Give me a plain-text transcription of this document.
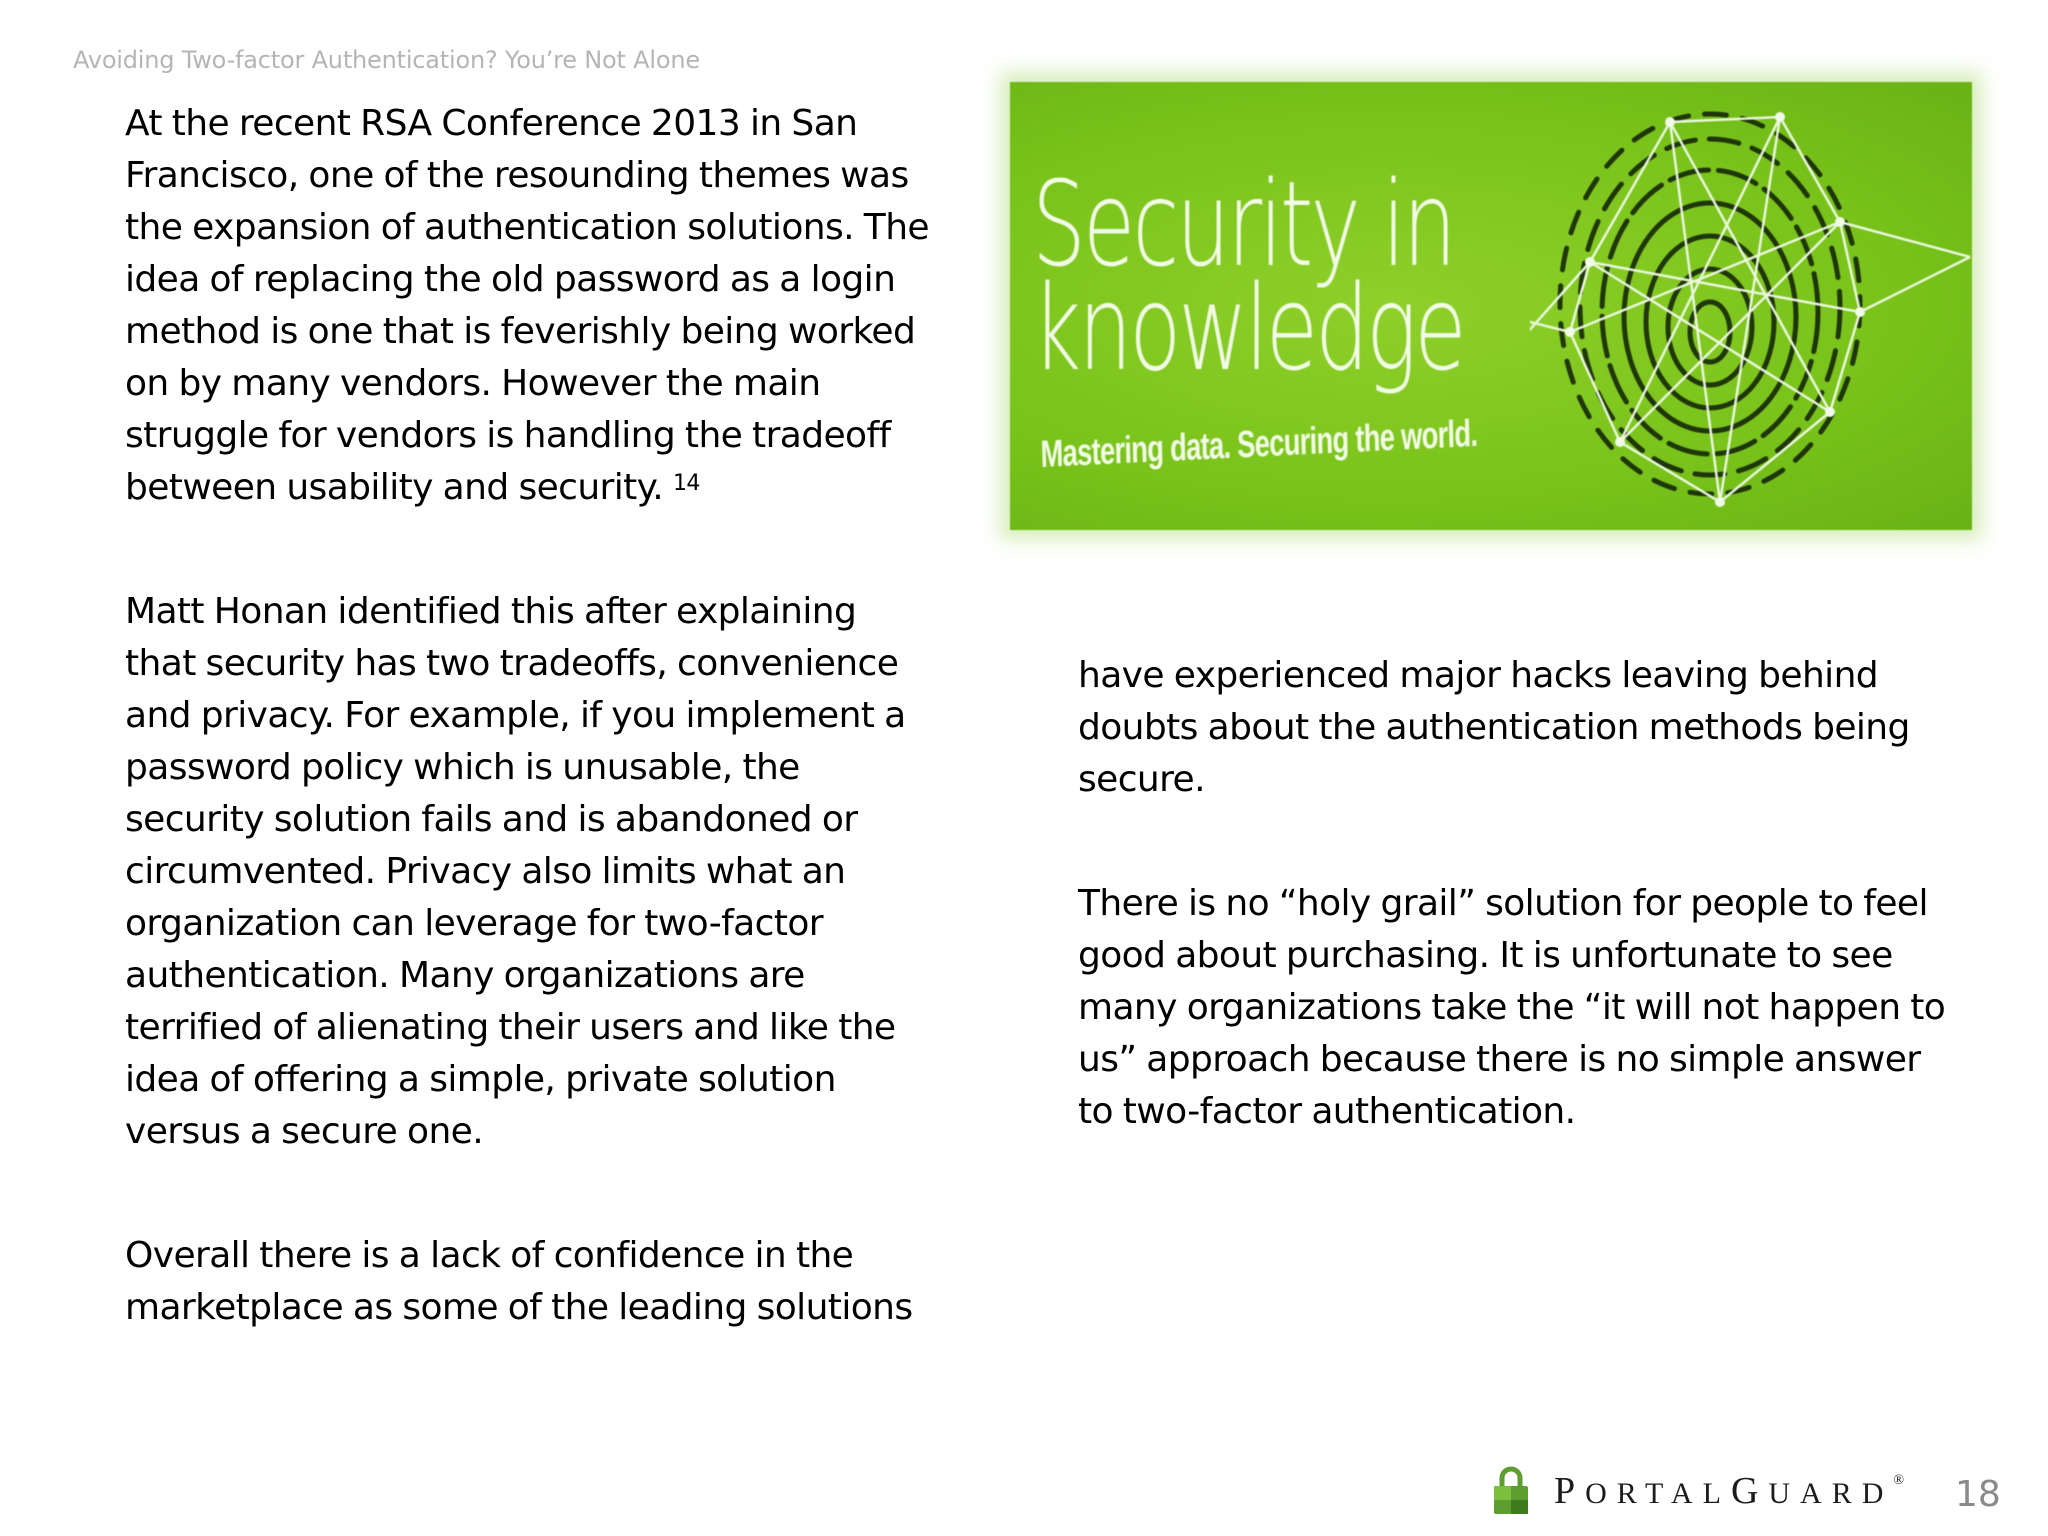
Avoiding Two-factor Authentication? You’re Not Alone

At the recent RSA Conference 2013 in San
Francisco, one of the resounding themes was
the expansion of authentication solutions. The
idea of replacing the old password as a login
method is one that is feverishly being worked
on by many vendors. However the main
struggle for vendors is handling the tradeoff
between usability and security. $^{14}$

Matt Honan identified this after explaining
that security has two tradeoffs, convenience
and privacy. For example, if you implement a
password policy which is unusable, the
security solution fails and is abandoned or
circumvented. Privacy also limits what an
organization can leverage for two-factor
authentication. Many organizations are
terrified of alienating their users and like the
idea of offering a simple, private solution
versus a secure one.

Overall there is a lack of confidence in the
marketplace as some of the leading solutions

Security in
knowledge
Mastering data. Securing the world.

have experienced major hacks leaving behind
doubts about the authentication methods being
secure.

There is no “holy grail” solution for people to feel
good about purchasing. It is unfortunate to see
many organizations take the “it will not happen to
us” approach because there is no simple answer
to two-factor authentication.

PORTALGUARD® 18
